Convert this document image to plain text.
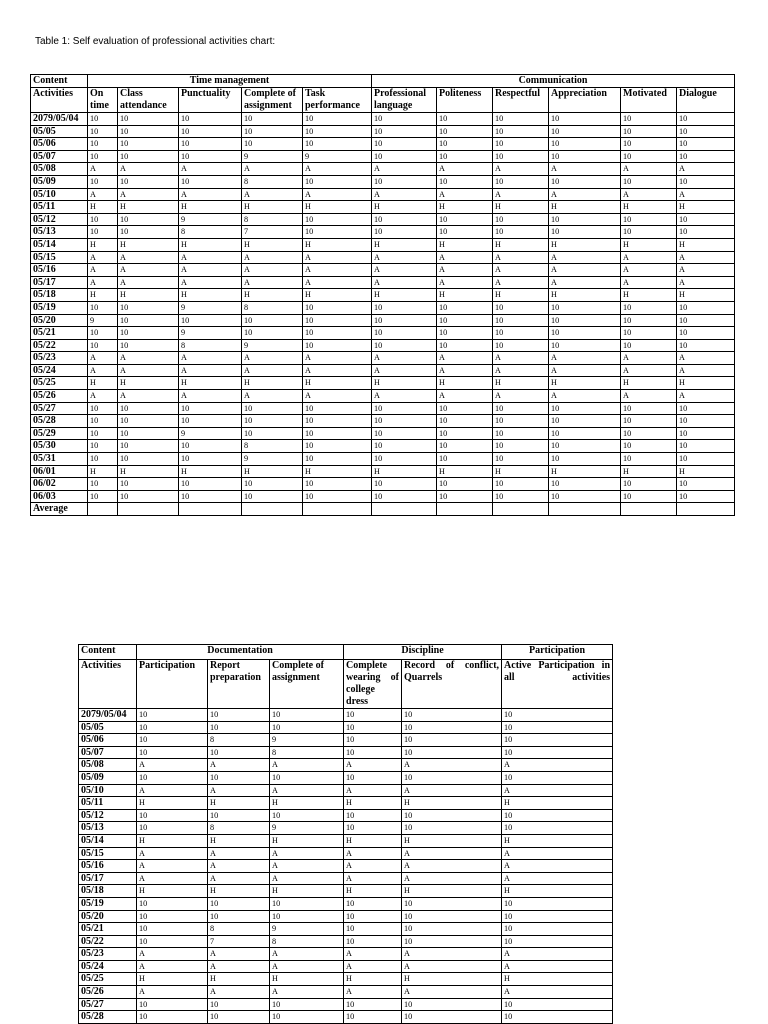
Table 1: Self evaluation of professional activities chart:
Content	Time management					Communication					
Activities	On time	Class attendance	Punctuality	Complete of assignment	Task performance	Professional language	Politeness	Respectful	Appreciation	Motivated	Dialogue
2079/05/04	10	10	10	10	10	10	10	10	10	10	10
05/05	10	10	10	10	10	10	10	10	10	10	10
05/06	10	10	10	10	10	10	10	10	10	10	10
05/07	10	10	10	9	9	10	10	10	10	10	10
05/08	A	A	A	A	A	A	A	A	A	A	A
05/09	10	10	10	8	10	10	10	10	10	10	10
05/10	A	A	A	A	A	A	A	A	A	A	A
05/11	H	H	H	H	H	H	H	H	H	H	H
05/12	10	10	9	8	10	10	10	10	10	10	10
05/13	10	10	8	7	10	10	10	10	10	10	10
05/14	H	H	H	H	H	H	H	H	H	H	H
05/15	A	A	A	A	A	A	A	A	A	A	A
05/16	A	A	A	A	A	A	A	A	A	A	A
05/17	A	A	A	A	A	A	A	A	A	A	A
05/18	H	H	H	H	H	H	H	H	H	H	H
05/19	10	10	9	8	10	10	10	10	10	10	10
05/20	9	10	10	10	10	10	10	10	10	10	10
05/21	10	10	9	10	10	10	10	10	10	10	10
05/22	10	10	8	9	10	10	10	10	10	10	10
05/23	A	A	A	A	A	A	A	A	A	A	A
05/24	A	A	A	A	A	A	A	A	A	A	A
05/25	H	H	H	H	H	H	H	H	H	H	H
05/26	A	A	A	A	A	A	A	A	A	A	A
05/27	10	10	10	10	10	10	10	10	10	10	10
05/28	10	10	10	10	10	10	10	10	10	10	10
05/29	10	10	9	10	10	10	10	10	10	10	10
05/30	10	10	10	8	10	10	10	10	10	10	10
05/31	10	10	10	9	10	10	10	10	10	10	10
06/01	H	H	H	H	H	H	H	H	H	H	H
06/02	10	10	10	10	10	10	10	10	10	10	10
06/03	10	10	10	10	10	10	10	10	10	10	10
Average											
Content	Documentation			Discipline		Participation
Activities	Participation	Report preparation	Complete of assignment	Complete wearing of college dress	Record of conflict, Quarrels	Active Participation in all activities
2079/05/04	10	10	10	10	10	10
05/05	10	10	10	10	10	10
05/06	10	8	9	10	10	10
05/07	10	10	8	10	10	10
05/08	A	A	A	A	A	A
05/09	10	10	10	10	10	10
05/10	A	A	A	A	A	A
05/11	H	H	H	H	H	H
05/12	10	10	10	10	10	10
05/13	10	8	9	10	10	10
05/14	H	H	H	H	H	H
05/15	A	A	A	A	A	A
05/16	A	A	A	A	A	A
05/17	A	A	A	A	A	A
05/18	H	H	H	H	H	H
05/19	10	10	10	10	10	10
05/20	10	10	10	10	10	10
05/21	10	8	9	10	10	10
05/22	10	7	8	10	10	10
05/23	A	A	A	A	A	A
05/24	A	A	A	A	A	A
05/25	H	H	H	H	H	H
05/26	A	A	A	A	A	A
05/27	10	10	10	10	10	10
05/28	10	10	10	10	10	10
